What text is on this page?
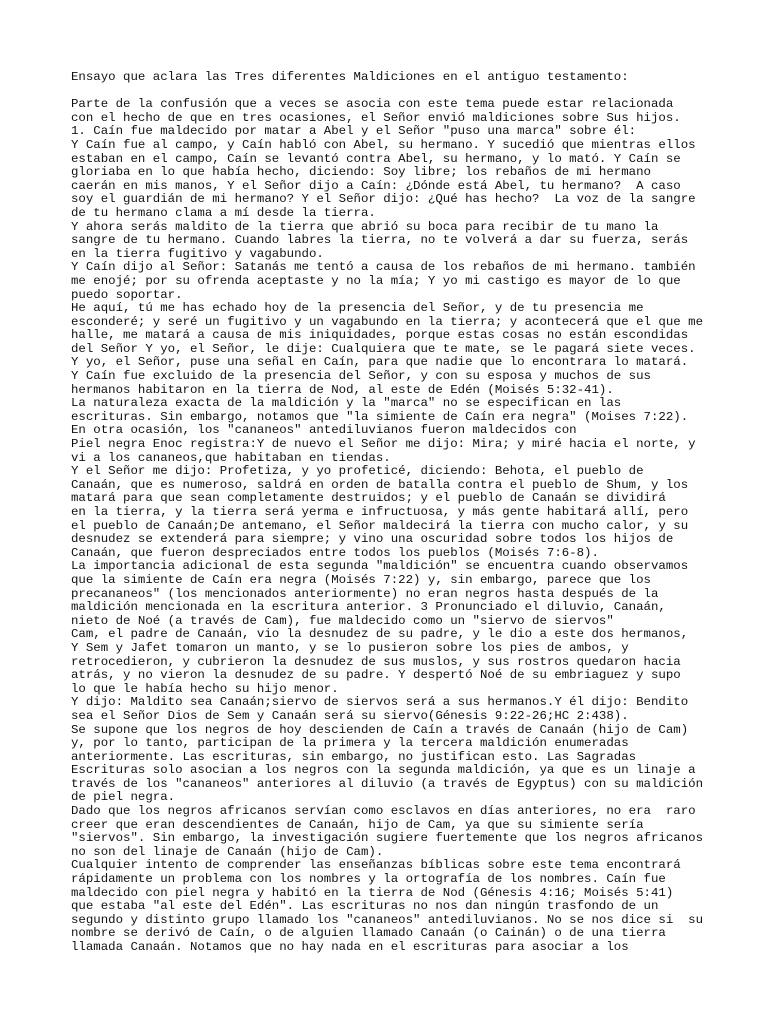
Ensayo que aclara las Tres diferentes Maldiciones en el antiguo testamento:
Parte de la confusión que a veces se asocia con este tema puede estar relacionada
con el hecho de que en tres ocasiones, el Señor envió maldiciones sobre Sus hijos.
1. Caín fue maldecido por matar a Abel y el Señor "puso una marca" sobre él:
Y Caín fue al campo, y Caín habló con Abel, su hermano. Y sucedió que mientras ellos
estaban en el campo, Caín se levantó contra Abel, su hermano, y lo mató. Y Caín se
gloriaba en lo que había hecho, diciendo: Soy libre; los rebaños de mi hermano
caerán en mis manos, Y el Señor dijo a Caín: ¿Dónde está Abel, tu hermano?  A caso
soy el guardián de mi hermano? Y el Señor dijo: ¿Qué has hecho?  La voz de la sangre
de tu hermano clama a mí desde la tierra.
Y ahora serás maldito de la tierra que abrió su boca para recibir de tu mano la
sangre de tu hermano. Cuando labres la tierra, no te volverá a dar su fuerza, serás
en la tierra fugitivo y vagabundo.
Y Caín dijo al Señor: Satanás me tentó a causa de los rebaños de mi hermano. también
me enojé; por su ofrenda aceptaste y no la mía; Y yo mi castigo es mayor de lo que
puedo soportar.
He aquí, tú me has echado hoy de la presencia del Señor, y de tu presencia me
esconderé; y seré un fugitivo y un vagabundo en la tierra; y acontecerá que el que me
halle, me matará a causa de mis iniquidades, porque estas cosas no están escondidas
del Señor Y yo, el Señor, le dije: Cualquiera que te mate, se le pagará siete veces.
Y yo, el Señor, puse una señal en Caín, para que nadie que lo encontrara lo matará.
Y Caín fue excluido de la presencia del Señor, y con su esposa y muchos de sus
hermanos habitaron en la tierra de Nod, al este de Edén (Moisés 5:32-41).
La naturaleza exacta de la maldición y la "marca" no se especifican en las
escrituras. Sin embargo, notamos que "la simiente de Caín era negra" (Moises 7:22).
En otra ocasión, los "cananeos" antediluvianos fueron maldecidos con
Piel negra Enoc registra:Y de nuevo el Señor me dijo: Mira; y miré hacia el norte, y
vi a los cananeos,que habitaban en tiendas.
Y el Señor me dijo: Profetiza, y yo profeticé, diciendo: Behota, el pueblo de
Canaán, que es numeroso, saldrá en orden de batalla contra el pueblo de Shum, y los
matará para que sean completamente destruidos; y el pueblo de Canaán se dividirá
en la tierra, y la tierra será yerma e infructuosa, y más gente habitará allí, pero
el pueblo de Canaán;De antemano, el Señor maldecirá la tierra con mucho calor, y su
desnudez se extenderá para siempre; y vino una oscuridad sobre todos los hijos de
Canaán, que fueron despreciados entre todos los pueblos (Moisés 7:6-8).
La importancia adicional de esta segunda "maldición" se encuentra cuando observamos
que la simiente de Caín era negra (Moisés 7:22) y, sin embargo, parece que los
precananeos" (los mencionados anteriormente) no eran negros hasta después de la
maldición mencionada en la escritura anterior. 3 Pronunciado el diluvio, Canaán,
nieto de Noé (a través de Cam), fue maldecido como un "siervo de siervos"
Cam, el padre de Canaán, vio la desnudez de su padre, y le dio a este dos hermanos,
Y Sem y Jafet tomaron un manto, y se lo pusieron sobre los pies de ambos, y
retrocedieron, y cubrieron la desnudez de sus muslos, y sus rostros quedaron hacia
atrás, y no vieron la desnudez de su padre. Y despertó Noé de su embriaguez y supo
lo que le había hecho su hijo menor.
Y dijo: Maldito sea Canaán;siervo de siervos será a sus hermanos.Y él dijo: Bendito
sea el Señor Dios de Sem y Canaán será su siervo(Génesis 9:22-26;HC 2:438).
Se supone que los negros de hoy descienden de Caín a través de Canaán (hijo de Cam)
y, por lo tanto, participan de la primera y la tercera maldición enumeradas
anteriormente. Las escrituras, sin embargo, no justifican esto. Las Sagradas
Escrituras solo asocian a los negros con la segunda maldición, ya que es un linaje a
través de los "cananeos" anteriores al diluvio (a través de Egyptus) con su maldición
de piel negra.
Dado que los negros africanos servían como esclavos en días anteriores, no era  raro
creer que eran descendientes de Canaán, hijo de Cam, ya que su simiente sería
"siervos". Sin embargo, la investigación sugiere fuertemente que los negros africanos
no son del linaje de Canaán (hijo de Cam).
Cualquier intento de comprender las enseñanzas bíblicas sobre este tema encontrará
rápidamente un problema con los nombres y la ortografía de los nombres. Caín fue
maldecido con piel negra y habitó en la tierra de Nod (Génesis 4:16; Moisés 5:41)
que estaba "al este del Edén". Las escrituras no nos dan ningún trasfondo de un
segundo y distinto grupo llamado los "cananeos" antediluvianos. No se nos dice si  su
nombre se derivó de Caín, o de alguien llamado Canaán (o Cainán) o de una tierra
llamada Canaán. Notamos que no hay nada en el escrituras para asociar a los
